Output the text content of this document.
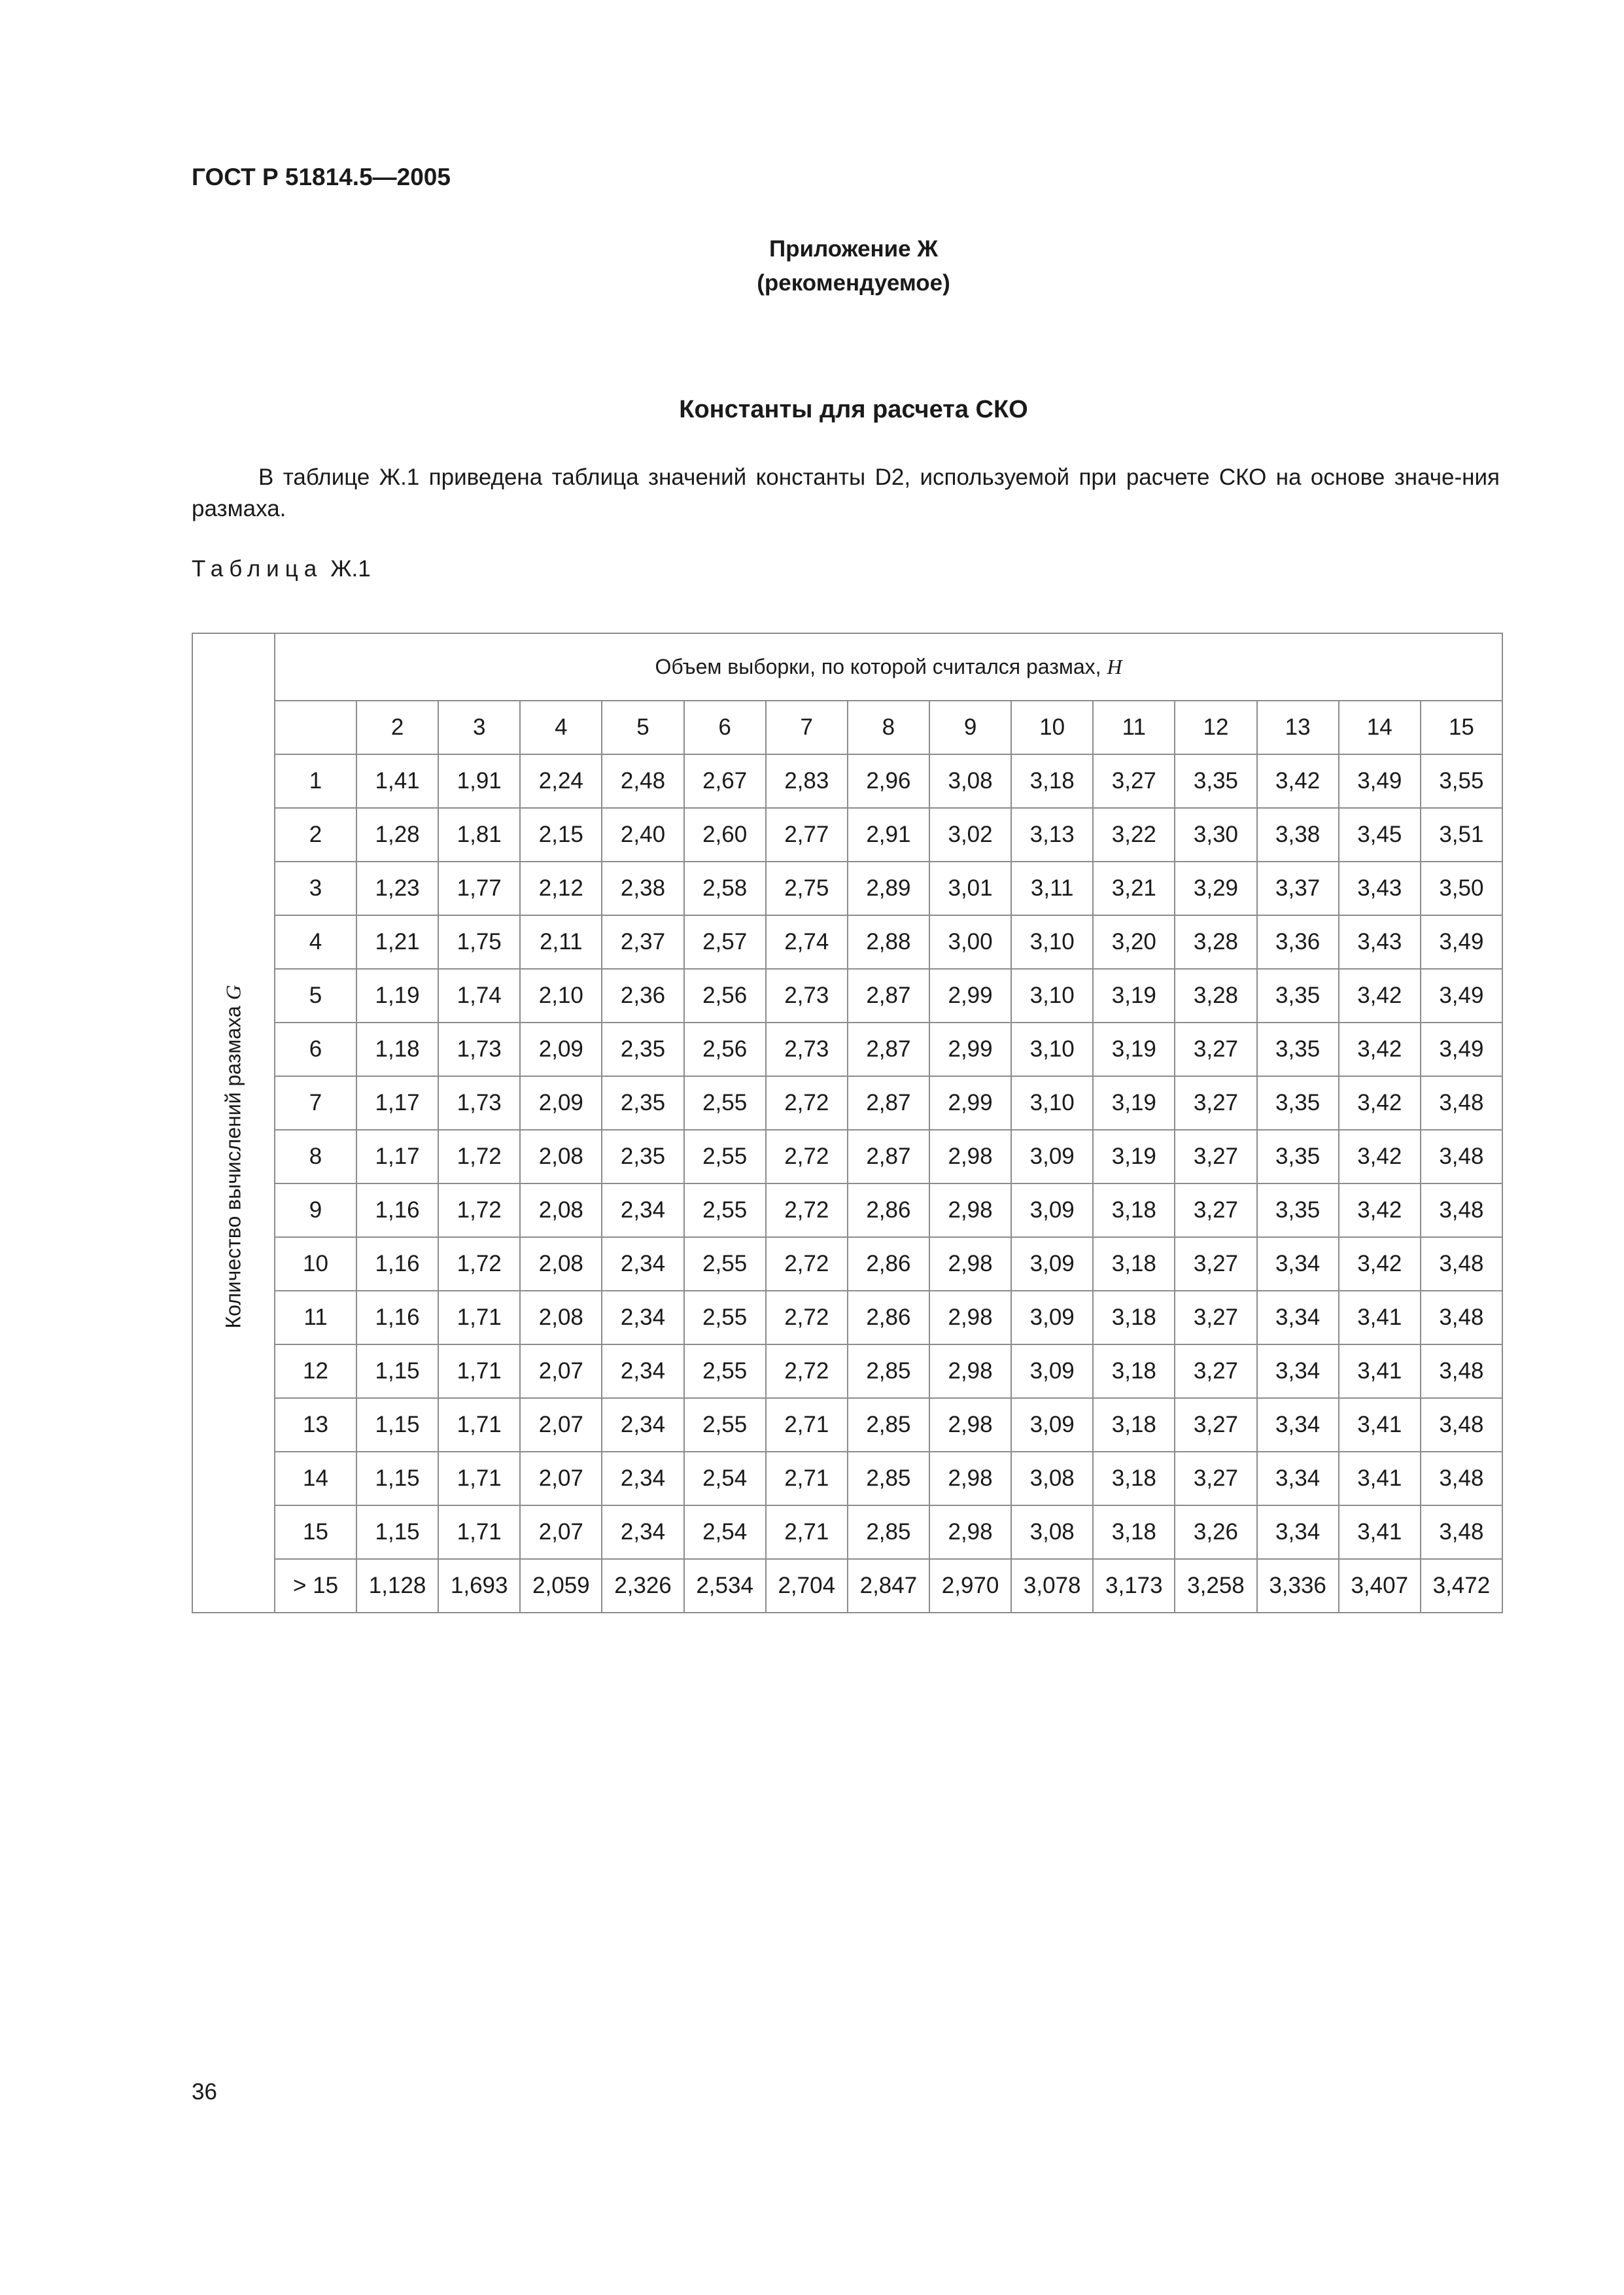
ГОСТ Р 51814.5—2005
Приложение Ж
(рекомендуемое)
Константы для расчета СКО
В таблице Ж.1 приведена таблица значений константы D2, используемой при расчете СКО на основе значе-ния размаха.
Таблица Ж.1
	Объем выборки, по которой считался размах, Н														

Количество вычислений размаха G		2	3	4	5	6	7	8	9	10	11	12	13	14	15
	1	1,41	1,91	2,24	2,48	2,67	2,83	2,96	3,08	3,18	3,27	3,35	3,42	3,49	3,55
	2	1,28	1,81	2,15	2,40	2,60	2,77	2,91	3,02	3,13	3,22	3,30	3,38	3,45	3,51
	3	1,23	1,77	2,12	2,38	2,58	2,75	2,89	3,01	3,11	3,21	3,29	3,37	3,43	3,50
	4	1,21	1,75	2,11	2,37	2,57	2,74	2,88	3,00	3,10	3,20	3,28	3,36	3,43	3,49
	5	1,19	1,74	2,10	2,36	2,56	2,73	2,87	2,99	3,10	3,19	3,28	3,35	3,42	3,49
	6	1,18	1,73	2,09	2,35	2,56	2,73	2,87	2,99	3,10	3,19	3,27	3,35	3,42	3,49
	7	1,17	1,73	2,09	2,35	2,55	2,72	2,87	2,99	3,10	3,19	3,27	3,35	3,42	3,48
	8	1,17	1,72	2,08	2,35	2,55	2,72	2,87	2,98	3,09	3,19	3,27	3,35	3,42	3,48
	9	1,16	1,72	2,08	2,34	2,55	2,72	2,86	2,98	3,09	3,18	3,27	3,35	3,42	3,48
	10	1,16	1,72	2,08	2,34	2,55	2,72	2,86	2,98	3,09	3,18	3,27	3,34	3,42	3,48
	11	1,16	1,71	2,08	2,34	2,55	2,72	2,86	2,98	3,09	3,18	3,27	3,34	3,41	3,48
	12	1,15	1,71	2,07	2,34	2,55	2,72	2,85	2,98	3,09	3,18	3,27	3,34	3,41	3,48
	13	1,15	1,71	2,07	2,34	2,55	2,71	2,85	2,98	3,09	3,18	3,27	3,34	3,41	3,48
	14	1,15	1,71	2,07	2,34	2,54	2,71	2,85	2,98	3,08	3,18	3,27	3,34	3,41	3,48
	15	1,15	1,71	2,07	2,34	2,54	2,71	2,85	2,98	3,08	3,18	3,26	3,34	3,41	3,48
	> 15	1,128	1,693	2,059	2,326	2,534	2,704	2,847	2,970	3,078	3,173	3,258	3,336	3,407	3,472
36
